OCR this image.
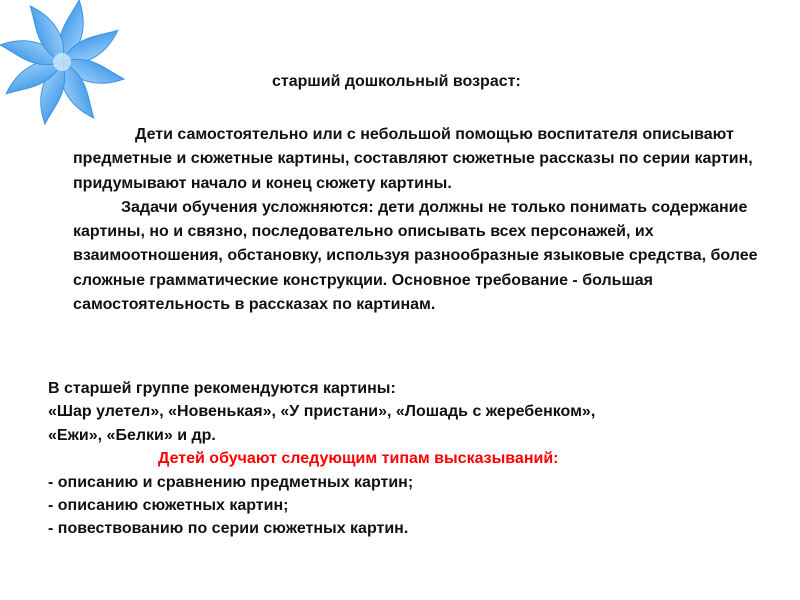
старший дошкольный возраст:
Дети самостоятельно или с небольшой помощью воспитателя описывают предметные и сюжетные картины, составляют сюжетные рассказы по серии картин, придумывают начало и конец сюжету картины.
Задачи обучения усложняются: дети должны не только понимать содержание картины, но и связно, последовательно описывать всех персонажей, их взаимоотношения, обстановку, используя разнообразные языковые средства, более сложные грамматические конструкции. Основное требование - большая самостоятельность в рассказах по картинам.
В старшей группе рекомендуются картины:
«Шар улетел», «Новенькая», «У пристани», «Лошадь с жеребенком»,
«Ежи», «Белки» и др.
Детей обучают следующим типам высказываний:
- описанию и сравнению предметных картин;
- описанию сюжетных картин;
- повествованию по серии сюжетных картин.
